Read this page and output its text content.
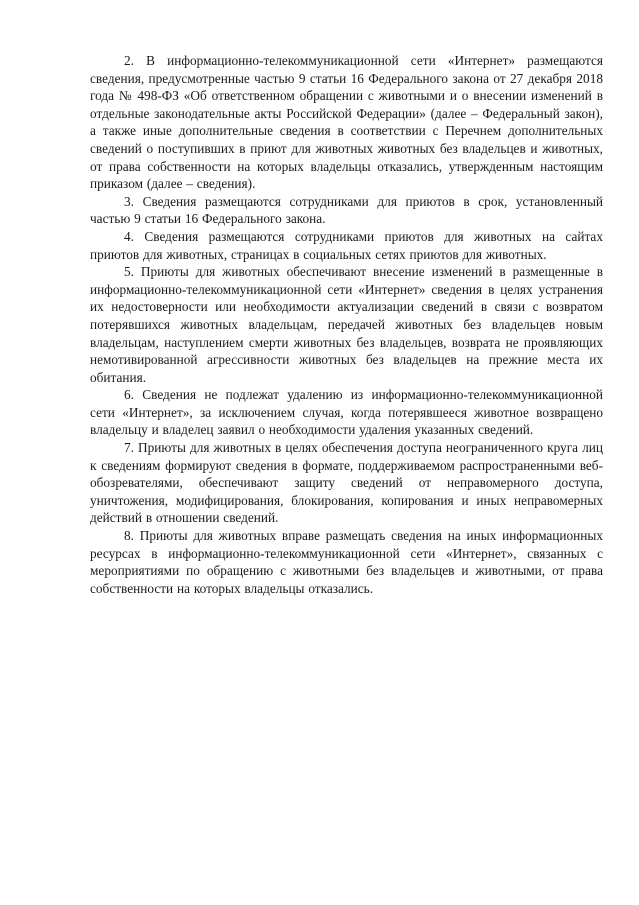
2. В информационно-телекоммуникационной сети «Интернет» размещаются сведения, предусмотренные частью 9 статьи 16 Федерального закона от 27 декабря 2018 года № 498-ФЗ «Об ответственном обращении с животными и о внесении изменений в отдельные законодательные акты Российской Федерации» (далее – Федеральный закон), а также иные дополнительные сведения в соответствии с Перечнем дополнительных сведений о поступивших в приют для животных животных без владельцев и животных, от права собственности на которых владельцы отказались, утвержденным настоящим приказом (далее – сведения).

3. Сведения размещаются сотрудниками для приютов в срок, установленный частью 9 статьи 16 Федерального закона.

4. Сведения размещаются сотрудниками приютов для животных на сайтах приютов для животных, страницах в социальных сетях приютов для животных.

5. Приюты для животных обеспечивают внесение изменений в размещенные в информационно-телекоммуникационной сети «Интернет» сведения в целях устранения их недостоверности или необходимости актуализации сведений в связи с возвратом потерявшихся животных владельцам, передачей животных без владельцев новым владельцам, наступлением смерти животных без владельцев, возврата не проявляющих немотивированной агрессивности животных без владельцев на прежние места их обитания.

6. Сведения не подлежат удалению из информационно-телекоммуникационной сети «Интернет», за исключением случая, когда потерявшееся животное возвращено владельцу и владелец заявил о необходимости удаления указанных сведений.

7. Приюты для животных в целях обеспечения доступа неограниченного круга лиц к сведениям формируют сведения в формате, поддерживаемом распространенными веб-обозревателями, обеспечивают защиту сведений от неправомерного доступа, уничтожения, модифицирования, блокирования, копирования и иных неправомерных действий в отношении сведений.

8. Приюты для животных вправе размещать сведения на иных информационных ресурсах в информационно-телекоммуникационной сети «Интернет», связанных с мероприятиями по обращению с животными без владельцев и животными, от права собственности на которых владельцы отказались.
